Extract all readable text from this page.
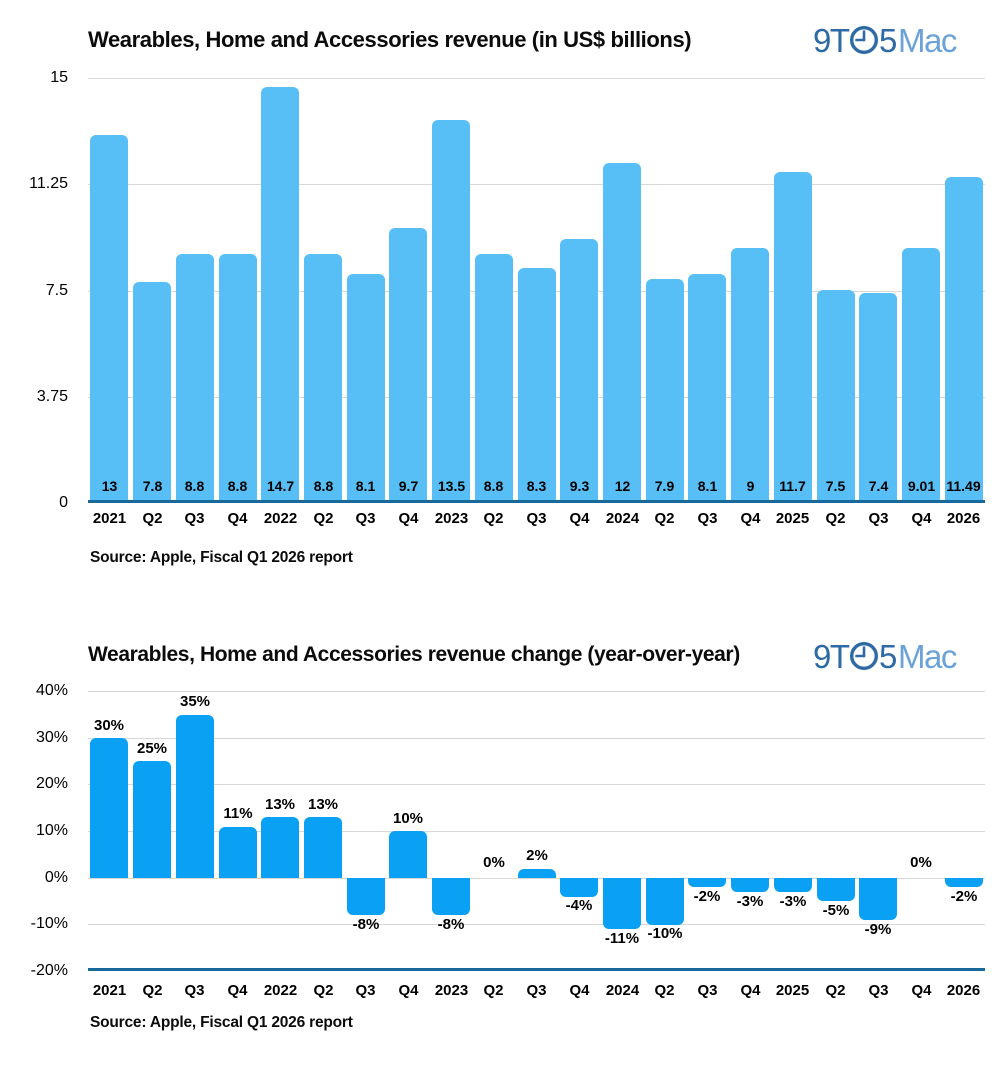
Wearables, Home and Accessories revenue (in US$ billions)	9T 5 Mac
15
11.25
7.5
3.75
0
13	7.8	8.8	8.8	14.7	8.8	8.1	9.7	13.5	8.8	8.3	9.3	12	7.9	8.1	9	11.7	7.5	7.4	9.01 11.49
2021	Q2	Q3	Q4	2022	Q2	Q3	Q4	2023	Q2	Q3	Q4	2024	Q2	Q3	Q4	2025	Q2	Q3	Q4	2026
Source: Apple, Fiscal Q1 2026 report
Wearables, Home and Accessories revenue change (year-over-year) 9T 5 Mac
40%
30%
20%
10%
0%
-10%
-20%
30%
25%
35%
11%
13% 13%
-8%
10%
-8%
0%	2%
-4%
-11% -10%
-2%	-3%	-3%
-5%
-9%
0%
-2%
2021	Q2	Q3	Q4	2022	Q2	Q3	Q4	2023	Q2	Q3	Q4	2024	Q2	Q3	Q4	2025	Q2	Q3	Q4	2026
Source: Apple, Fiscal Q1 2026 report
